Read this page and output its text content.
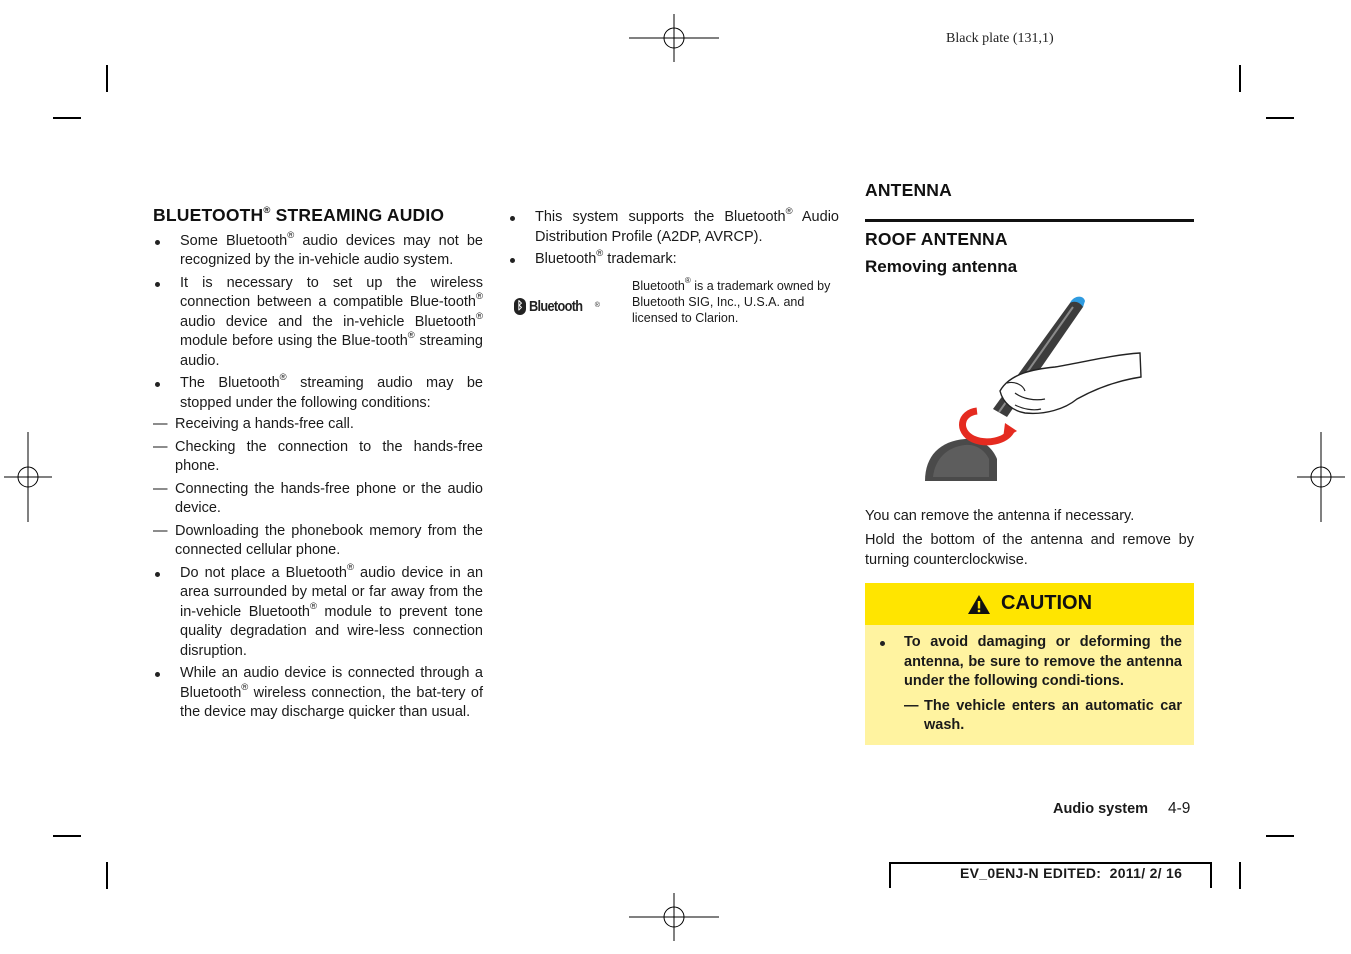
Black plate (131,1)
BLUETOOTH® STREAMING AUDIO
Some Bluetooth® audio devices may not be recognized by the in-vehicle audio system.
It is necessary to set up the wireless connection between a compatible Blue-tooth® audio device and the in-vehicle Bluetooth® module before using the Blue-tooth® streaming audio.
The Bluetooth® streaming audio may be stopped under the following conditions:
— Receiving a hands-free call.
— Checking the connection to the hands-free phone.
— Connecting the hands-free phone or the audio device.
— Downloading the phonebook memory from the connected cellular phone.
Do not place a Bluetooth® audio device in an area surrounded by metal or far away from the in-vehicle Bluetooth® module to prevent tone quality degradation and wire-less connection disruption.
While an audio device is connected through a Bluetooth® wireless connection, the bat-tery of the device may discharge quicker than usual.
This system supports the Bluetooth® Audio Distribution Profile (A2DP, AVRCP).
Bluetooth® trademark:
ᛒ Bluetooth ®
Bluetooth® is a trademark owned by Bluetooth SIG, Inc., U.S.A. and licensed to Clarion.
ANTENNA
ROOF ANTENNA
Removing antenna

You can remove the antenna if necessary.

Hold the bottom of the antenna and remove by turning counterclockwise.

CAUTION
To avoid damaging or deforming the antenna, be sure to remove the antenna under the following condi-tions.
— The vehicle enters an automatic car wash.
Audio system 4-9
EV_0ENJ-N EDITED:  2011/ 2/ 16
